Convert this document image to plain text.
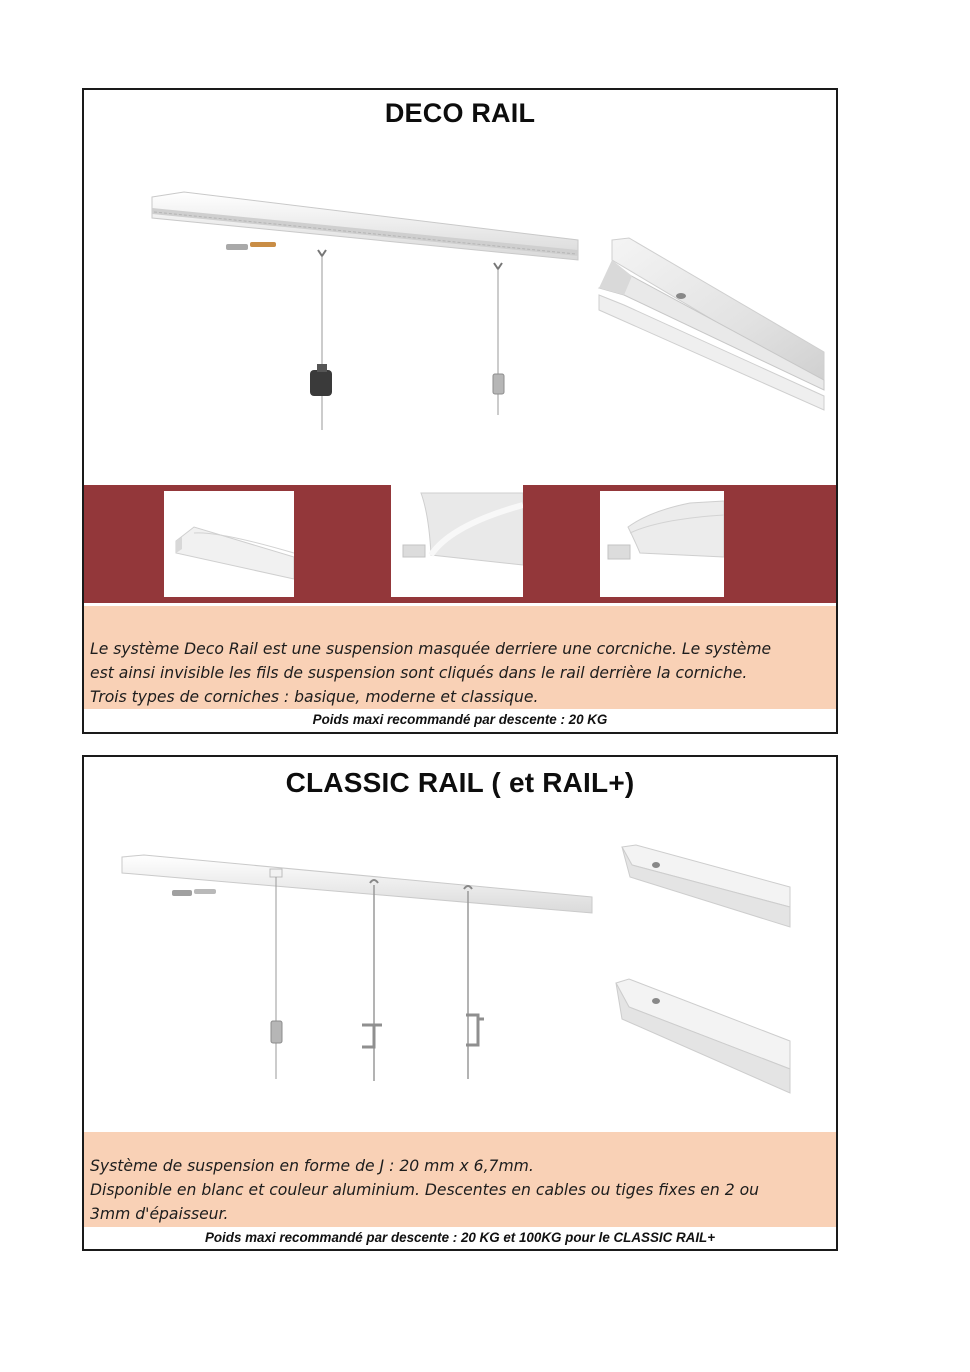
DECO RAIL

Le système Deco Rail est une suspension masquée derriere une corcniche. Le système
est ainsi invisible les fils de suspension sont cliqués dans le rail derrière la corniche.
Trois types de corniches : basique, moderne et classique.

Poids maxi recommandé par descente : 20 KG
CLASSIC RAIL ( et RAIL+)

Système de suspension en forme de J : 20 mm x 6,7mm.
Disponible en blanc et couleur aluminium. Descentes en cables ou tiges fixes en 2 ou
3mm d'épaisseur.

Poids maxi recommandé par descente : 20 KG et 100KG pour le CLASSIC RAIL+
